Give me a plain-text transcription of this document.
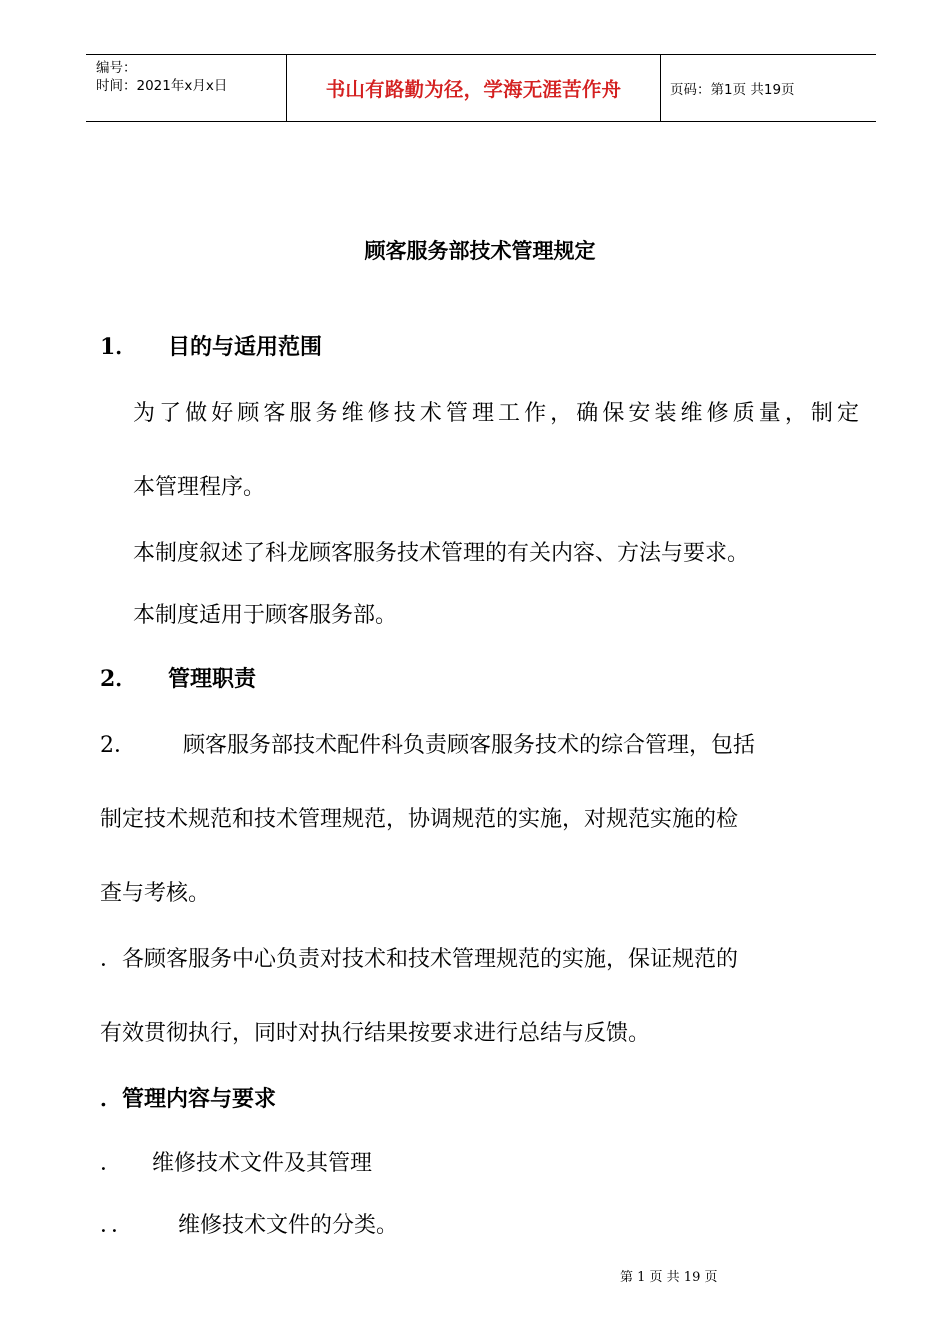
编号：
时间：2021年x月x日	书山有路勤为径，学海无涯苦作舟	页码：第1页 共19页
顾客服务部技术管理规定
1． 目的与适用范围
为了做好顾客服务维修技术管理工作，确保安装维修质量，制定
本管理程序。
本制度叙述了科龙顾客服务技术管理的有关内容、方法与要求。
本制度适用于顾客服务部。
2． 管理职责
2． 顾客服务部技术配件科负责顾客服务技术的综合管理，包括
制定技术规范和技术管理规范，协调规范的实施，对规范实施的检
查与考核。
．各顾客服务中心负责对技术和技术管理规范的实施，保证规范的
有效贯彻执行，同时对执行结果按要求进行总结与反馈。
．管理内容与要求
． 维修技术文件及其管理
．． 维修技术文件的分类。
第 1 页 共 19 页
